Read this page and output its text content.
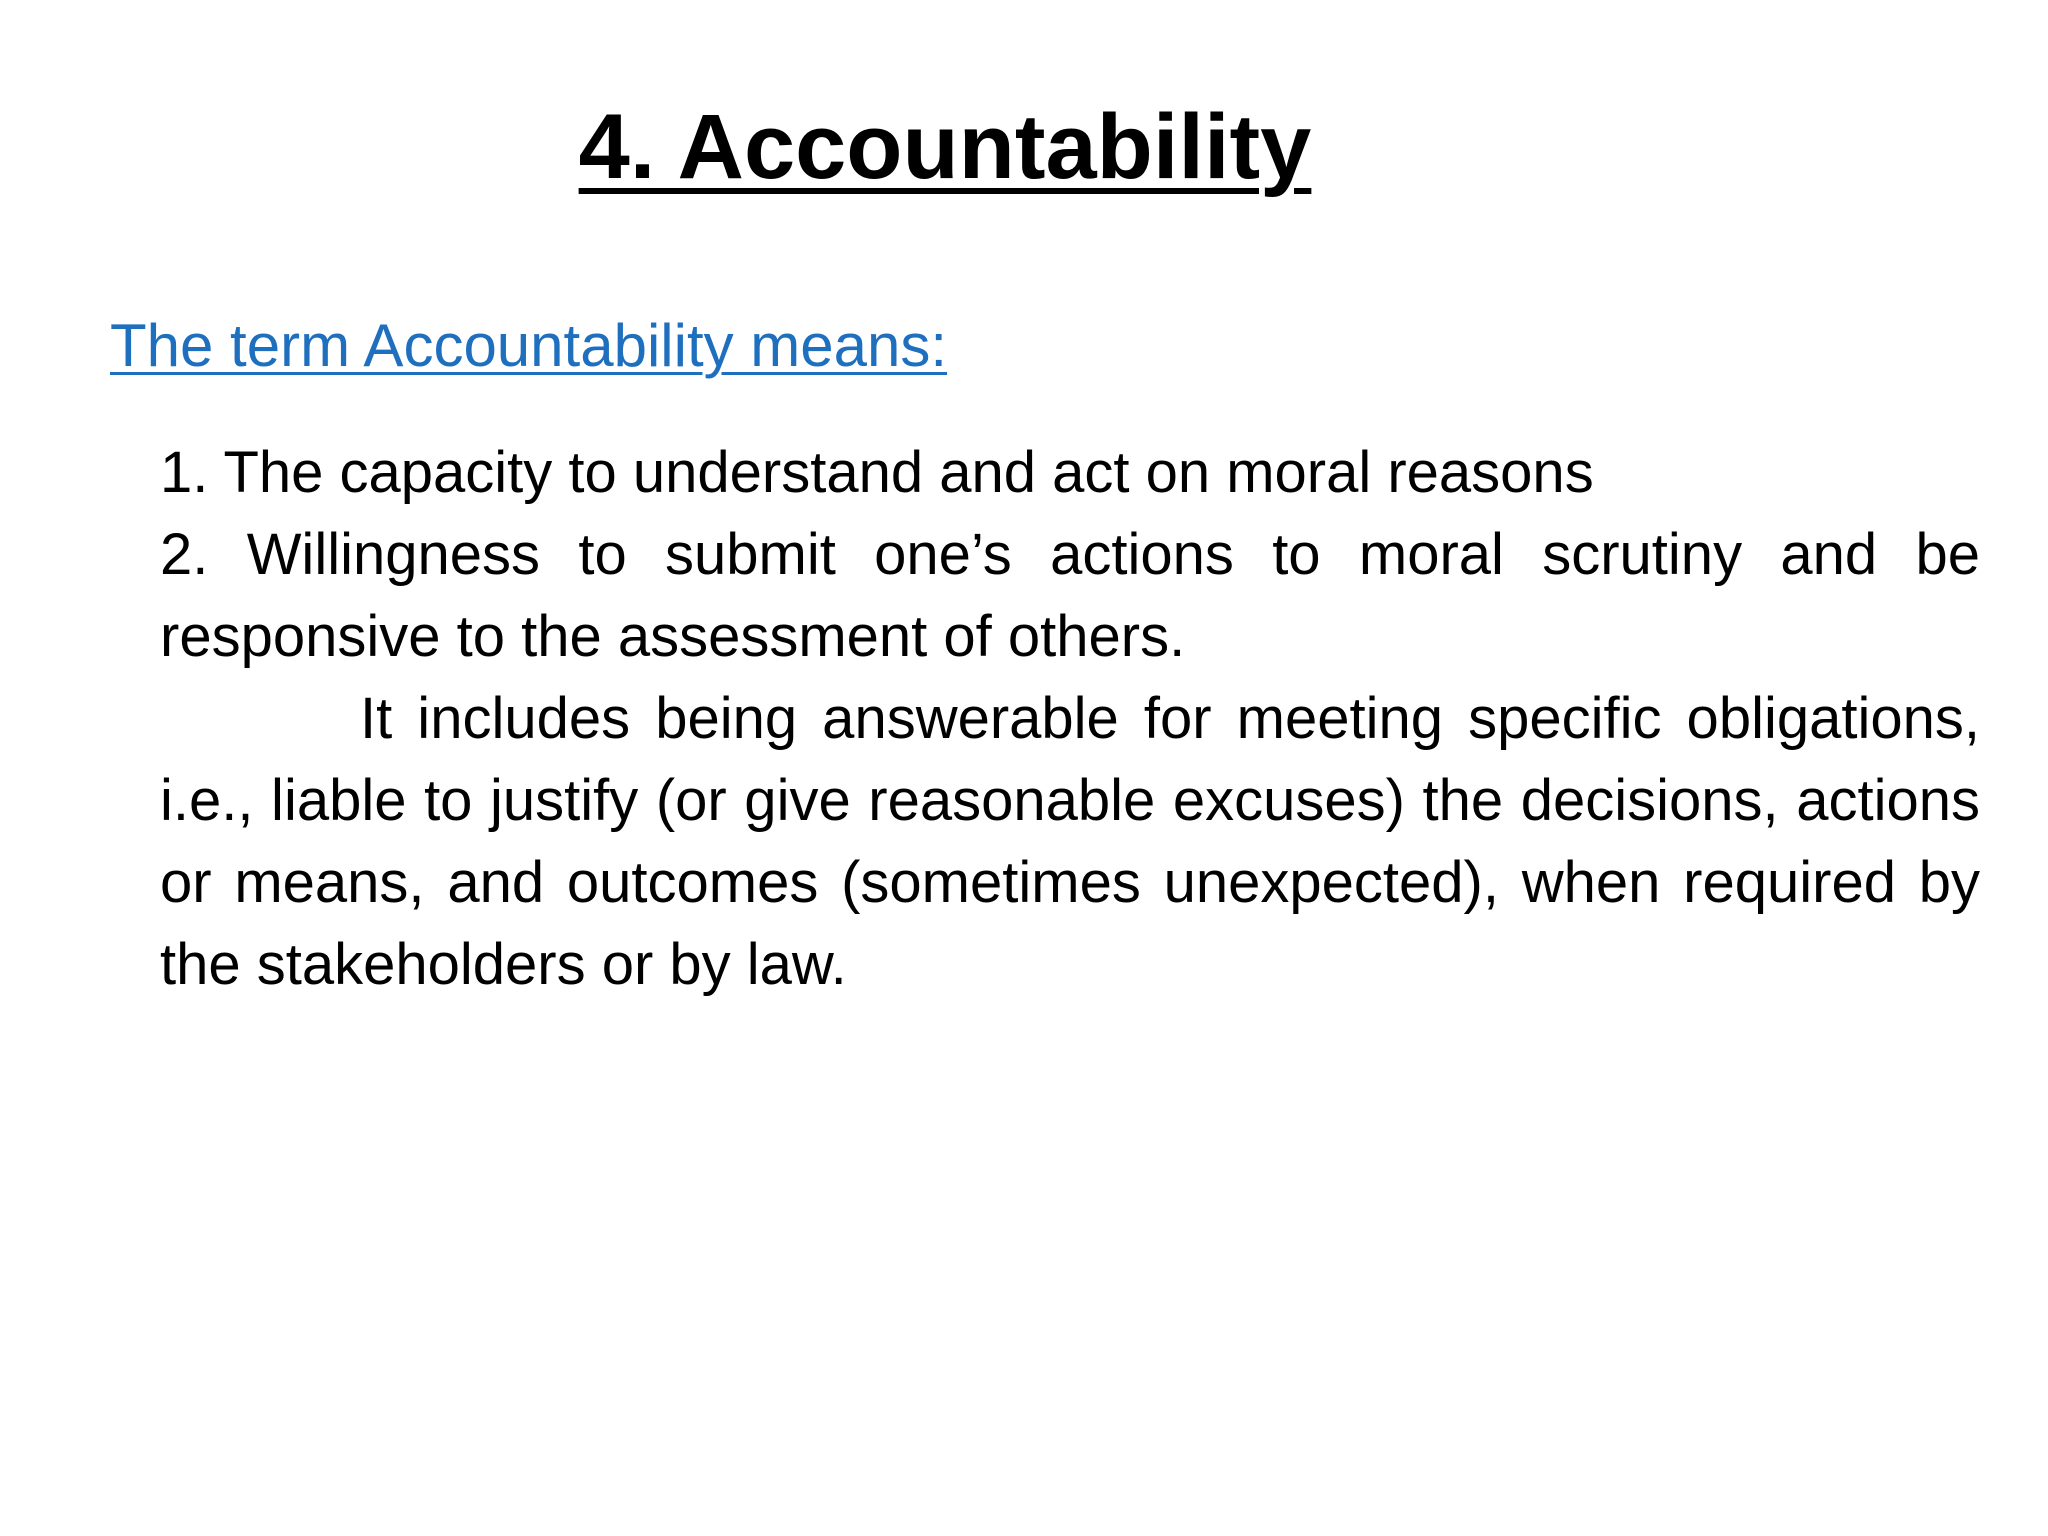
4. Accountability
The term Accountability means:

1. The capacity to understand and act on moral reasons

2. Willingness to submit one’s actions to moral scrutiny and be responsive to the assessment of others.

It includes being answerable for meeting specific obligations, i.e., liable to justify (or give reasonable excuses) the decisions, actions or means, and outcomes (sometimes unexpected), when required by the stakeholders or by law.
